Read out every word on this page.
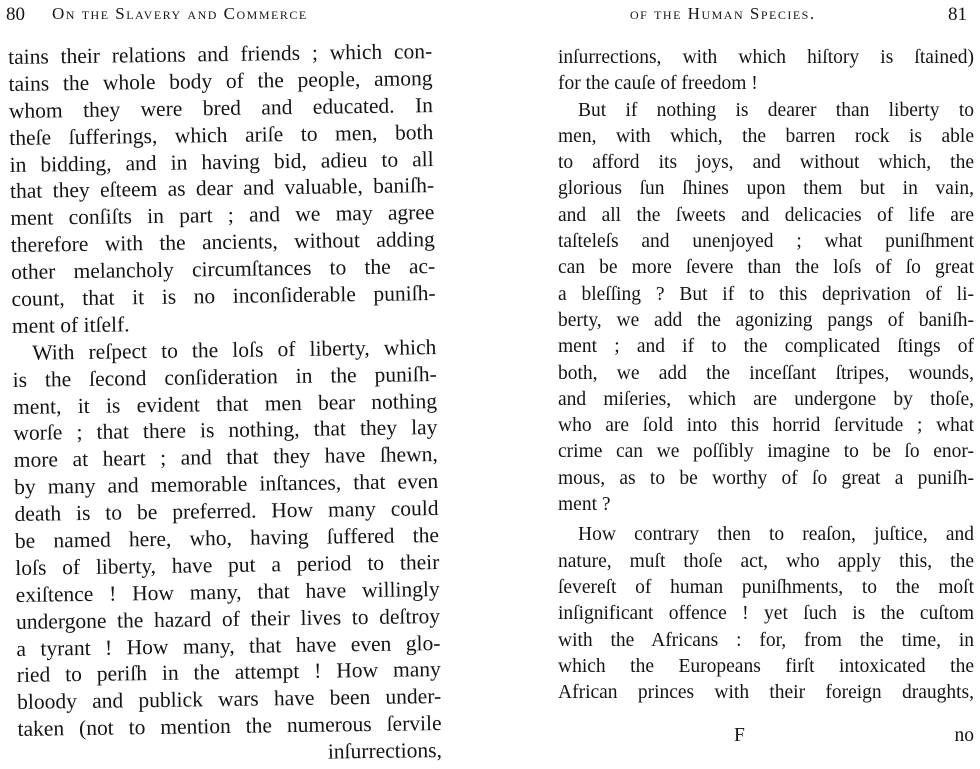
80 On the Slavery and Commerce
tains their relations and friends ; which con-
tains the whole body of the people, among
whom they were bred and educated. In
theſe ſufferings, which ariſe to men, both
in bidding, and in having bid, adieu to all
that they eſteem as dear and valuable, baniſh-
ment conſiſts in part ; and we may agree
therefore with the ancients, without adding
other melancholy circumſtances to the ac-
count, that it is no inconſiderable puniſh-
ment of itſelf.
With reſpect to the loſs of liberty, which
is the ſecond conſideration in the puniſh-
ment, it is evident that men bear nothing
worſe ; that there is nothing, that they lay
more at heart ; and that they have ſhewn,
by many and memorable inſtances, that even
death is to be preferred. How many could
be named here, who, having ſuffered the
loſs of liberty, have put a period to their
exiſtence ! How many, that have willingly
undergone the hazard of their lives to deſtroy
a tyrant ! How many, that have even glo-
ried to periſh in the attempt ! How many
bloody and publick wars have been under-
taken (not to mention the numerous ſervile
inſurrections,
of the Human Species.	81
inſurrections, with which hiſtory is ſtained)
for the cauſe of freedom !
But if nothing is dearer than liberty to
men, with which, the barren rock is able
to afford its joys, and without which, the
glorious ſun ſhines upon them but in vain,
and all the ſweets and delicacies of life are
taſteleſs and unenjoyed ; what puniſhment
can be more ſevere than the loſs of ſo great
a bleſſing ? But if to this deprivation of li-
berty, we add the agonizing pangs of baniſh-
ment ; and if to the complicated ſtings of
both, we add the inceſſant ſtripes, wounds,
and miſeries, which are undergone by thoſe,
who are ſold into this horrid ſervitude ; what
crime can we poſſibly imagine to be ſo enor-
mous, as to be worthy of ſo great a puniſh-
ment ?
How contrary then to reaſon, juſtice, and
nature, muſt thoſe act, who apply this, the
ſevereſt of human puniſhments, to the moſt
inſignificant offence ! yet ſuch is the cuſtom
with the Africans : for, from the time, in
which the Europeans firſt intoxicated the
African princes with their foreign draughts,
F	no
